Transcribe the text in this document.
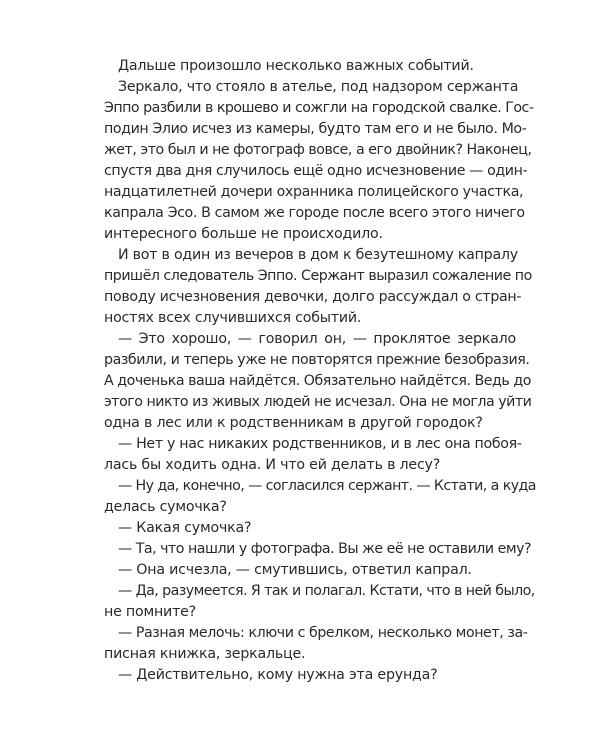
Дальше произошло несколько важных событий.
Зеркало, что стояло в ателье, под надзором сержанта
Эппо разбили в крошево и сожгли на городской свалке. Гос-
подин Элио исчез из камеры, будто там его и не было. Мо-
жет, это был и не фотограф вовсе, а его двойник? Наконец,
спустя два дня случилось ещё одно исчезновение — один-
надцатилетней дочери охранника полицейского участка,
капрала Эсо. В самом же городе после всего этого ничего
интересного больше не происходило.
И вот в один из вечеров в дом к безутешному капралу
пришёл следователь Эппо. Сержант выразил сожаление по
поводу исчезновения девочки, долго рассуждал о стран-
ностях всех случившихся событий.
— Это хорошо, — говорил он, — проклятое зеркало
разбили, и теперь уже не повторятся прежние безобразия.
А доченька ваша найдётся. Обязательно найдётся. Ведь до
этого никто из живых людей не исчезал. Она не могла уйти
одна в лес или к родственникам в другой городок?
— Нет у нас никаких родственников, и в лес она побоя-
лась бы ходить одна. И что ей делать в лесу?
— Ну да, конечно, — согласился сержант. — Кстати, а куда
делась сумочка?
— Какая сумочка?
— Та, что нашли у фотографа. Вы же её не оставили ему?
— Она исчезла, — смутившись, ответил капрал.
— Да, разумеется. Я так и полагал. Кстати, что в ней было,
не помните?
— Разная мелочь: ключи с брелком, несколько монет, за-
писная книжка, зеркальце.
— Действительно, кому нужна эта ерунда?
